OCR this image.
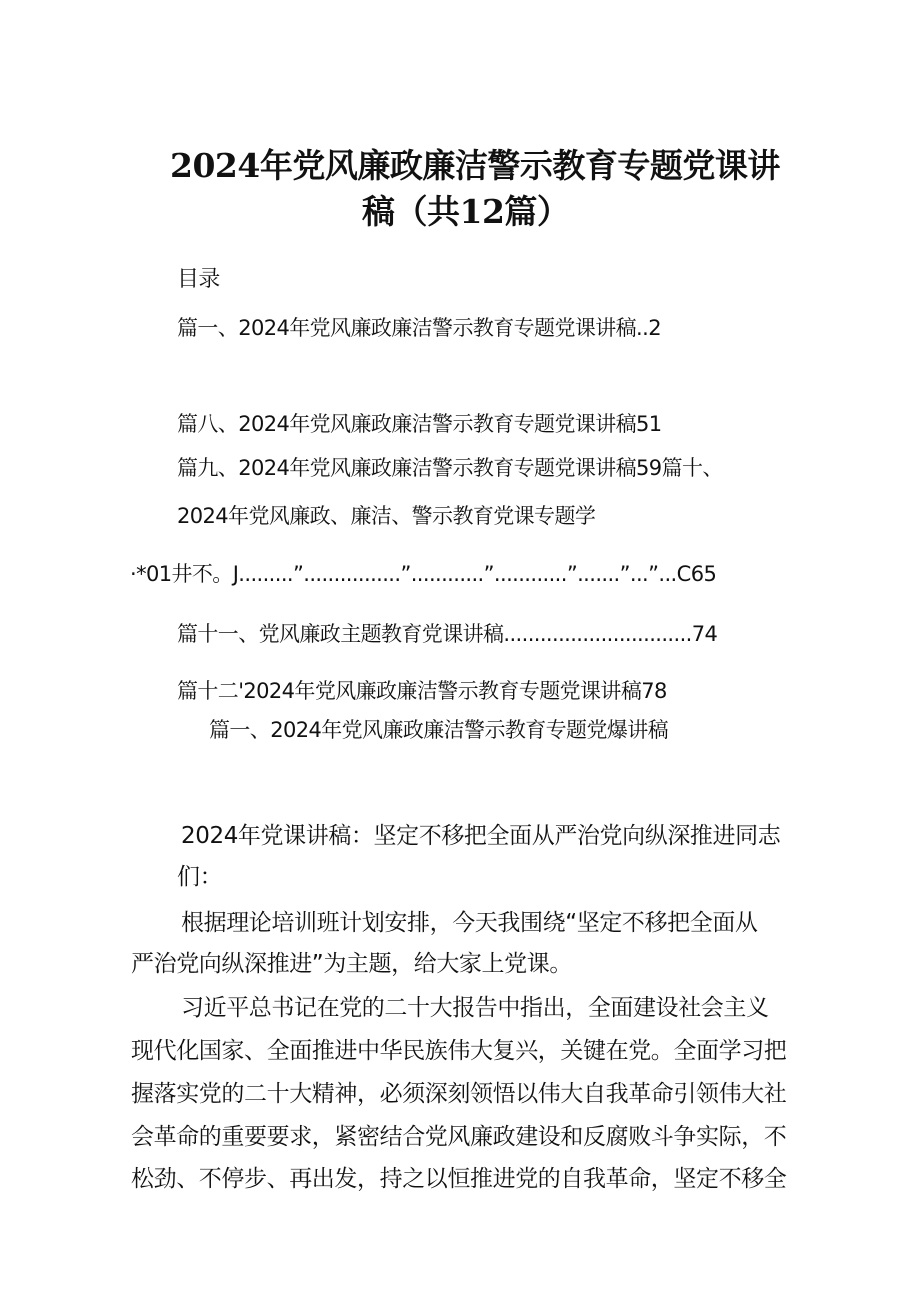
2024年党风廉政廉洁警示教育专题党课讲
稿（共12篇）
目录
篇一、2024年党风廉政廉洁警示教育专题党课讲稿..2
篇八、2024年党风廉政廉洁警示教育专题党课讲稿51
篇九、2024年党风廉政廉洁警示教育专题党课讲稿59篇十、
2024年党风廉政、廉洁、警示教育党课专题学
·*01井不。J.........”................”............”............”.......”...”...C65
篇十一、党风廉政主题教育党课讲稿...............................74
篇十二'2024年党风廉政廉洁警示教育专题党课讲稿78
篇一、2024年党风廉政廉洁警示教育专题党爆讲稿
2024年党课讲稿：坚定不移把全面从严治党向纵深推进同志
们：
根据理论培训班计划安排，今天我围绕“坚定不移把全面从
严治党向纵深推进”为主题，给大家上党课。
习近平总书记在党的二十大报告中指出，全面建设社会主义
现代化国家、全面推进中华民族伟大复兴，关键在党。全面学习把
握落实党的二十大精神，必须深刻领悟以伟大自我革命引领伟大社
会革命的重要要求，紧密结合党风廉政建设和反腐败斗争实际，不
松劲、不停步、再出发，持之以恒推进党的自我革命，坚定不移全
